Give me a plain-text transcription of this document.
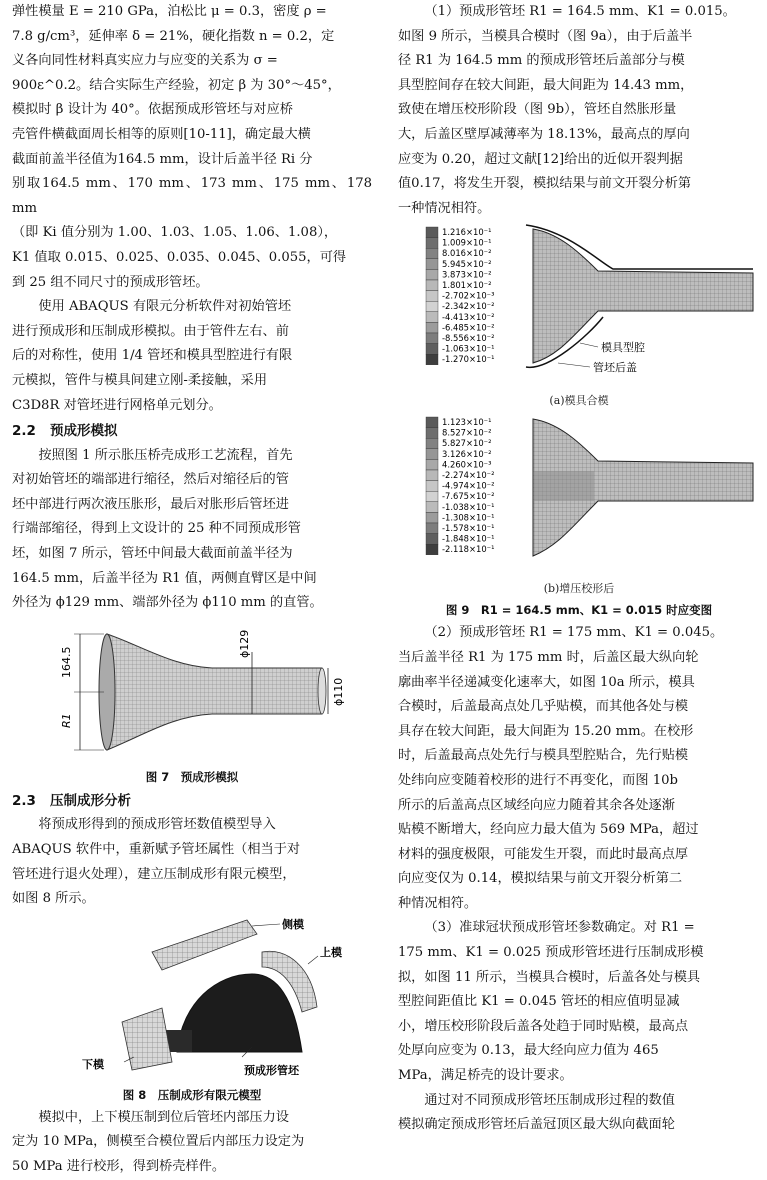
弹性模量 E = 210 GPa，泊松比 μ = 0.3，密度 ρ =

7.8 g/cm³，延伸率 δ = 21%，硬化指数 n = 0.2，定

义各向同性材料真实应力与应变的关系为 σ =

900ε^0.2。结合实际生产经验，初定 β 为 30°～45°，

模拟时 β 设计为 40°。依据预成形管坯与对应桥

壳管件横截面周长相等的原则[10-11]，确定最大横

截面前盖半径值为164.5 mm，设计后盖半径 Ri 分

别取164.5 mm、170 mm、173 mm、175 mm、178 mm

（即 Ki 值分别为 1.00、1.03、1.05、1.06、1.08），

K1 值取 0.015、0.025、0.035、0.045、0.055，可得

到 25 组不同尺寸的预成形管坯。

使用 ABAQUS 有限元分析软件对初始管坯

进行预成形和压制成形模拟。由于管件左右、前

后的对称性，使用 1/4 管坯和模具型腔进行有限

元模拟，管件与模具间建立刚-柔接触，采用

C3D8R 对管坯进行网格单元划分。

2.2 预成形模拟

按照图 1 所示胀压桥壳成形工艺流程，首先

对初始管坯的端部进行缩径，然后对缩径后的管

坯中部进行两次液压胀形，最后对胀形后管坯进

行端部缩径，得到上文设计的 25 种不同预成形管

坯，如图 7 所示，管坯中间最大截面前盖半径为

164.5 mm，后盖半径为 R1 值，两侧直臂区是中间

外径为 ϕ129 mm、端部外径为 ϕ110 mm 的直管。

164.5
R1
ϕ129
ϕ110
图 7　预成形模拟
2.3 压制成形分析

将预成形得到的预成形管坯数值模型导入

ABAQUS 软件中，重新赋予管坯属性（相当于对

管坯进行退火处理），建立压制成形有限元模型，

如图 8 所示。

侧模
上模
下模	预成形管坯
图 8　压制成形有限元模型

模拟中，上下模压制到位后管坯内部压力设

定为 10 MPa，侧模至合模位置后内部压力设定为

50 MPa 进行校形，得到桥壳样件。

（1）预成形管坯 R1 = 164.5 mm、K1 = 0.015。

如图 9 所示，当模具合模时（图 9a），由于后盖半

径 R1 为 164.5 mm 的预成形管坯后盖部分与模

具型腔间存在较大间距，最大间距为 14.43 mm，

致使在增压校形阶段（图 9b），管坯自然胀形量

大，后盖区壁厚减薄率为 18.13%，最高点的厚向

应变为 0.20，超过文献[12]给出的近似开裂判据

值0.17，将发生开裂，模拟结果与前文开裂分析第

一种情况相符。

1.216×10⁻¹
1.009×10⁻¹
8.016×10⁻²
5.945×10⁻²
3.873×10⁻²
1.801×10⁻²
-2.702×10⁻³
-2.342×10⁻²
-4.413×10⁻²
-6.485×10⁻²
-8.556×10⁻²
-1.063×10⁻¹
-1.270×10⁻¹
模具型腔
管坯后盖
(a)模具合模
1.123×10⁻¹
8.527×10⁻²
5.827×10⁻²
3.126×10⁻²
4.260×10⁻³
-2.274×10⁻²
-4.974×10⁻²
-7.675×10⁻²
-1.038×10⁻¹
-1.308×10⁻¹
-1.578×10⁻¹
-1.848×10⁻¹
-2.118×10⁻¹
(b)增压校形后
图 9　R1 = 164.5 mm、K1 = 0.015 时应变图

（2）预成形管坯 R1 = 175 mm、K1 = 0.045。

当后盖半径 R1 为 175 mm 时，后盖区最大纵向轮

廓曲率半径递减变化速率大，如图 10a 所示，模具

合模时，后盖最高点处几乎贴模，而其他各处与模

具存在较大间距，最大间距为 15.20 mm。在校形

时，后盖最高点处先行与模具型腔贴合，先行贴模

处纬向应变随着校形的进行不再变化，而图 10b

所示的后盖高点区域经向应力随着其余各处逐渐

贴模不断增大，经向应力最大值为 569 MPa，超过

材料的强度极限，可能发生开裂，而此时最高点厚

向应变仅为 0.14，模拟结果与前文开裂分析第二

种情况相符。

（3）准球冠状预成形管坯参数确定。对 R1 =

175 mm、K1 = 0.025 预成形管坯进行压制成形模

拟，如图 11 所示，当模具合模时，后盖各处与模具

型腔间距值比 K1 = 0.045 管坯的相应值明显减

小，增压校形阶段后盖各处趋于同时贴模，最高点

处厚向应变为 0.13，最大经向应力值为 465

MPa，满足桥壳的设计要求。

通过对不同预成形管坯压制成形过程的数值

模拟确定预成形管坯后盖冠顶区最大纵向截面轮
